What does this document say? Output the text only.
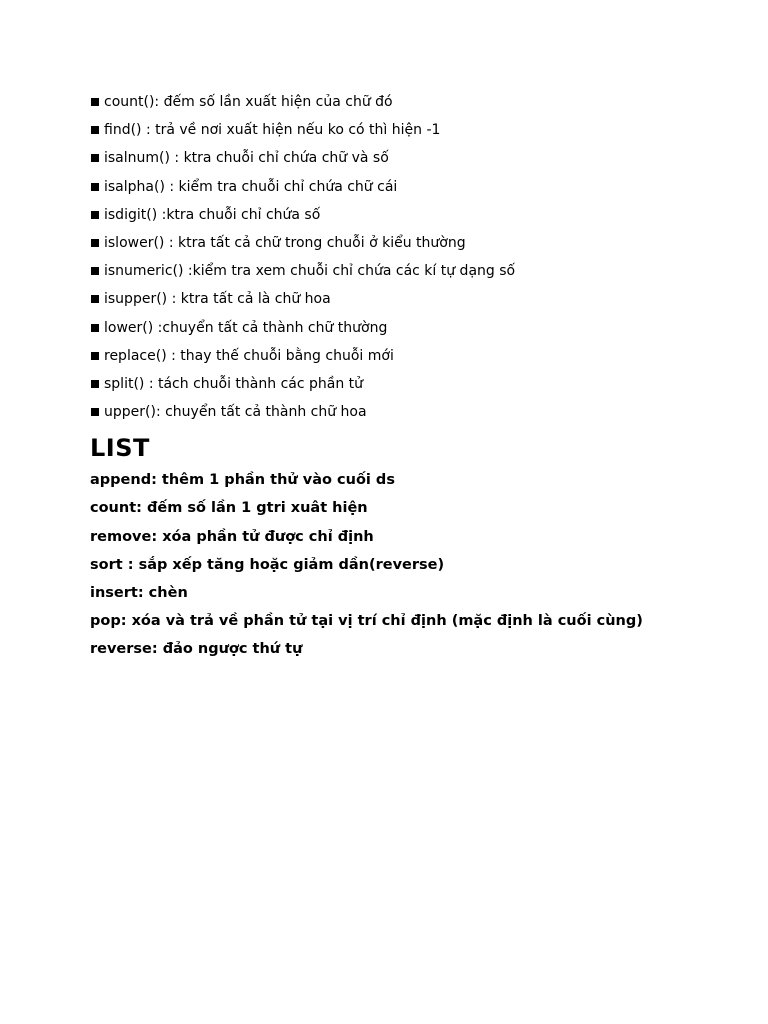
count(): đếm số lần xuất hiện của chữ đó
find() : trả về nơi xuất hiện nếu ko có thì hiện -1
isalnum() : ktra chuỗi chỉ chứa chữ và số
isalpha() : kiểm tra chuỗi chỉ chứa chữ cái
isdigit() :ktra chuỗi chỉ chứa số
islower() : ktra tất cả chữ trong chuỗi ở kiểu thường
isnumeric() :kiểm tra xem chuỗi chỉ chứa các kí tự dạng số
isupper() : ktra tất cả là chữ hoa
lower() :chuyển tất cả thành chữ thường
replace() : thay thế chuỗi bằng chuỗi mới
split() : tách chuỗi thành các phần tử
upper(): chuyển tất cả thành chữ hoa
LIST
append: thêm 1 phần thử vào cuối ds
count: đếm số lần 1 gtri xuât hiện
remove: xóa phần tử được chỉ định
sort : sắp xếp tăng hoặc giảm dần(reverse)
insert: chèn
pop: xóa và trả về phần tử tại vị trí chỉ định (mặc định là cuối cùng)
reverse: đảo ngược thứ tự
